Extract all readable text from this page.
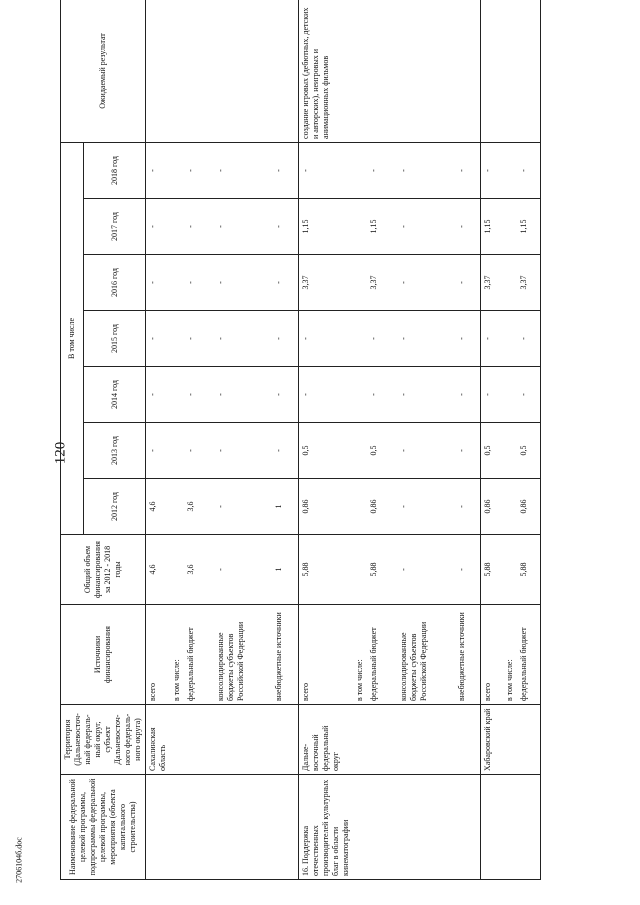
120
2706104б.doc	Наименование федеральной целевой программы, подпрограммы федеральной целевой программы, мероприятия (объекта капитального строительства)	Территория (Дальневосточ-ный федераль-ный округ, субъект Дальневосточ-ного федераль-ного округа)	Источники финансирования	Общий объем финансирования за 2012 - 2018 годы	В том числе							Ожидаемый результат
				2012 год	2013 год	2014 год	2015 год	2016 год	2017 год	2018 год	
	Сахалинская область	всего	4,6	4,6	-	-	-	-	-	-	
		в том числе:									
		федеральный бюджет	3,6	3,6	-	-	-	-	-	-	
		консолидированные бюджеты субъектов Российской Федерации	-	-	-	-	-	-	-	-	
		внебюджетные источники	1	1	-	-	-	-	-	-	
16. Поддержка отечественных производителей культурных благ в области кинематографии	Дальне-восточный федеральный округ	всего	5,88	0,86	0,5	-	-	3,37	1,15	-	создание игровых (дебютных, детских и авторских), неигровых и анимационных фильмов
		в том числе:									
		федеральный бюджет	5,88	0,86	0,5	-	-	3,37	1,15	-	
		консолидированные бюджеты субъектов Российской Федерации	-	-	-	-	-	-	-	-	
		внебюджетные источники	-	-	-	-	-	-	-	-	
	Хабаровский край	всего	5,88	0,86	0,5	-	-	3,37	1,15	-	
		в том числе:									
		федеральный бюджет	5,88	0,86	0,5	-	-	3,37	1,15	-	
